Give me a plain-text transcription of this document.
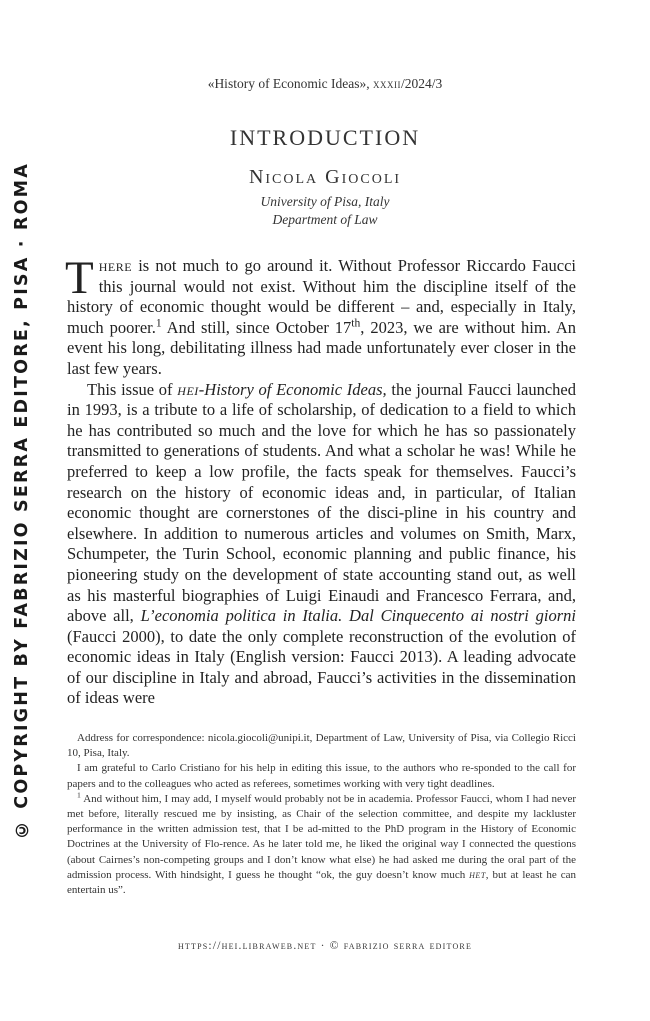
© COPYRIGHT BY FABRIZIO SERRA EDITORE, PISA · ROMA
«History of Economic Ideas», xxxii/2024/3
INTRODUCTION
Nicola Giocoli
University of Pisa, Italy
Department of Law

There is not much to go around it. Without Professor Riccardo Faucci this journal would not exist. Without him the discipline itself of the history of economic thought would be different – and, especially in Italy, much poorer.$^1$ And still, since October 17th, 2023, we are without him. An event his long, debilitating illness had made unfortunately ever closer in the last few years.

This issue of hei-History of Economic Ideas, the journal Faucci launched in 1993, is a tribute to a life of scholarship, of dedication to a field to which he has contributed so much and the love for which he has so passionately transmitted to generations of students. And what a scholar he was! While he preferred to keep a low profile, the facts speak for themselves. Faucci’s research on the history of economic ideas and, in particular, of Italian economic thought are cornerstones of the disci-pline in his country and elsewhere. In addition to numerous articles and volumes on Smith, Marx, Schumpeter, the Turin School, economic planning and public finance, his pioneering study on the development of state accounting stand out, as well as his masterful biographies of Luigi Einaudi and Francesco Ferrara, and, above all, L’economia politica in Italia. Dal Cinquecento ai nostri giorni (Faucci 2000), to date the only complete reconstruction of the evolution of economic ideas in Italy (English version: Faucci 2013). A leading advocate of our discipline in Italy and abroad, Faucci’s activities in the dissemination of ideas were

Address for correspondence: nicola.giocoli@unipi.it, Department of Law, University of Pisa, via Collegio Ricci 10, Pisa, Italy.

I am grateful to Carlo Cristiano for his help in editing this issue, to the authors who re-sponded to the call for papers and to the colleagues who acted as referees, sometimes working with very tight deadlines.

$^1$ And without him, I may add, I myself would probably not be in academia. Professor Faucci, whom I had never met before, literally rescued me by insisting, as Chair of the selection committee, and despite my lackluster performance in the written admission test, that I be ad-mitted to the PhD program in the History of Economic Doctrines at the University of Flo-rence. As he later told me, he liked the original way I connected the questions (about Cairnes’s non-competing groups and I don’t know what else) he had asked me during the oral part of the admission process. With hindsight, I guess he thought “ok, the guy doesn’t know much het, but at least he can entertain us”.

https://hei.libraweb.net · © fabrizio serra editore
